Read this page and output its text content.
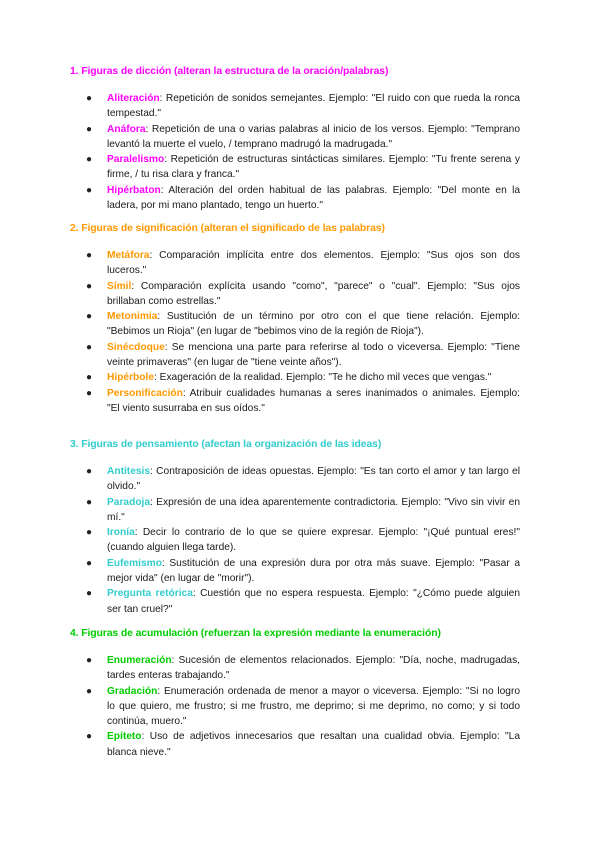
1. Figuras de dicción (alteran la estructura de la oración/palabras)
● Aliteración: Repetición de sonidos semejantes. Ejemplo: "El ruido con que rueda la ronca tempestad."
● Anáfora: Repetición de una o varias palabras al inicio de los versos. Ejemplo: "Temprano levantó la muerte el vuelo, / temprano madrugó la madrugada."
● Paralelismo: Repetición de estructuras sintácticas similares. Ejemplo: "Tu frente serena y firme, / tu risa clara y franca."
● Hipérbaton: Alteración del orden habitual de las palabras. Ejemplo: "Del monte en la ladera, por mi mano plantado, tengo un huerto."
2. Figuras de significación (alteran el significado de las palabras)
● Metáfora: Comparación implícita entre dos elementos. Ejemplo: "Sus ojos son dos luceros."
● Símil: Comparación explícita usando "como", "parece" o "cual". Ejemplo: "Sus ojos brillaban como estrellas."
● Metonimia: Sustitución de un término por otro con el que tiene relación. Ejemplo: "Bebimos un Rioja" (en lugar de "bebimos vino de la región de Rioja").
● Sinécdoque: Se menciona una parte para referirse al todo o viceversa. Ejemplo: "Tiene veinte primaveras" (en lugar de "tiene veinte años").
● Hipérbole: Exageración de la realidad. Ejemplo: "Te he dicho mil veces que vengas."
● Personificación: Atribuir cualidades humanas a seres inanimados o animales. Ejemplo: "El viento susurraba en sus oídos."
3. Figuras de pensamiento (afectan la organización de las ideas)
● Antítesis: Contraposición de ideas opuestas. Ejemplo: "Es tan corto el amor y tan largo el olvido."
● Paradoja: Expresión de una idea aparentemente contradictoria. Ejemplo: "Vivo sin vivir en mí."
● Ironía: Decir lo contrario de lo que se quiere expresar. Ejemplo: "¡Qué puntual eres!" (cuando alguien llega tarde).
● Eufemismo: Sustitución de una expresión dura por otra más suave. Ejemplo: "Pasar a mejor vida" (en lugar de "morir").
● Pregunta retórica: Cuestión que no espera respuesta. Ejemplo: "¿Cómo puede alguien ser tan cruel?"
4. Figuras de acumulación (refuerzan la expresión mediante la enumeración)
● Enumeración: Sucesión de elementos relacionados. Ejemplo: "Día, noche, madrugadas, tardes enteras trabajando."
● Gradación: Enumeración ordenada de menor a mayor o viceversa. Ejemplo: "Si no logro lo que quiero, me frustro; si me frustro, me deprimo; si me deprimo, no como; y si todo continúa, muero."
● Epíteto: Uso de adjetivos innecesarios que resaltan una cualidad obvia. Ejemplo: "La blanca nieve."
